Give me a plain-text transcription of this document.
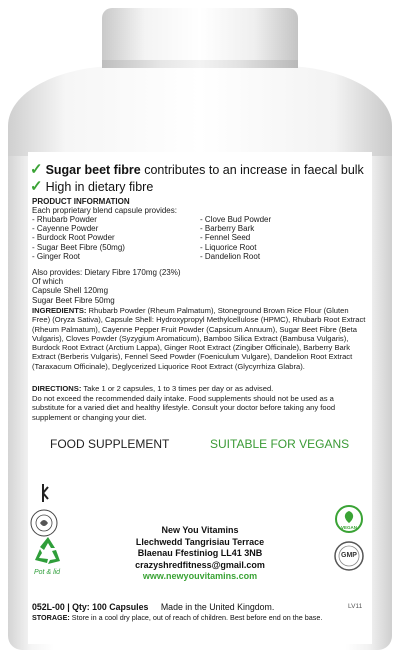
✓ Sugar beet fibre contributes to an increase in faecal bulk
✓ High in dietary fibre
PRODUCT INFORMATION
Each proprietary blend capsule provides:
- Rhubarb Powder
- Cayenne Powder
- Burdock Root Powder
- Sugar Beet Fibre (50mg)
- Ginger Root
- Clove Bud Powder
- Barberry Bark
- Fennel Seed
- Liquorice Root
- Dandelion Root
Also provides: Dietary Fibre 170mg (23%)
Of which
Capsule Shell 120mg
Sugar Beet Fibre 50mg
INGREDIENTS: Rhubarb Powder (Rheum Palmatum), Stoneground Brown Rice Flour (Gluten Free) (Oryza Sativa), Capsule Shell: Hydroxypropyl Methylcellulose (HPMC), Rhubarb Root Extract (Rheum Palmatum), Cayenne Pepper Fruit Powder (Capsicum Annuum), Sugar Beet Fibre (Beta Vulgaris), Cloves Powder (Syzygium Aromaticum), Bamboo Silica Extract (Bambusa Vulgaris), Burdock Root Extract (Arctium Lappa), Ginger Root Extract (Zingiber Officinale), Barberry Bark Extract (Berberis Vulgaris), Fennel Seed Powder (Foeniculum Vulgare), Dandelion Root Extract (Taraxacum Officinale), Deglycerized Liquorice Root Extract (Glycyrrhiza Glabra).
DIRECTIONS: Take 1 or 2 capsules, 1 to 3 times per day or as advised.
Do not exceed the recommended daily intake. Food supplements should not be used as a substitute for a varied diet and healthy lifestyle. Consult your doctor before taking any food supplement or changing your diet.
FOOD SUPPLEMENT	SUITABLE FOR VEGANS
Pot & lid
VEGAN
GMP
New You Vitamins
Llechwedd Tangrisiau Terrace
Blaenau Ffestiniog LL41 3NB
crazyshredfitness@gmail.com
www.newyouvitamins.com
052L-00 | Qty: 100 Capsules Made in the United Kingdom.	LV11
STORAGE: Store in a cool dry place, out of reach of children. Best before end on the base.
